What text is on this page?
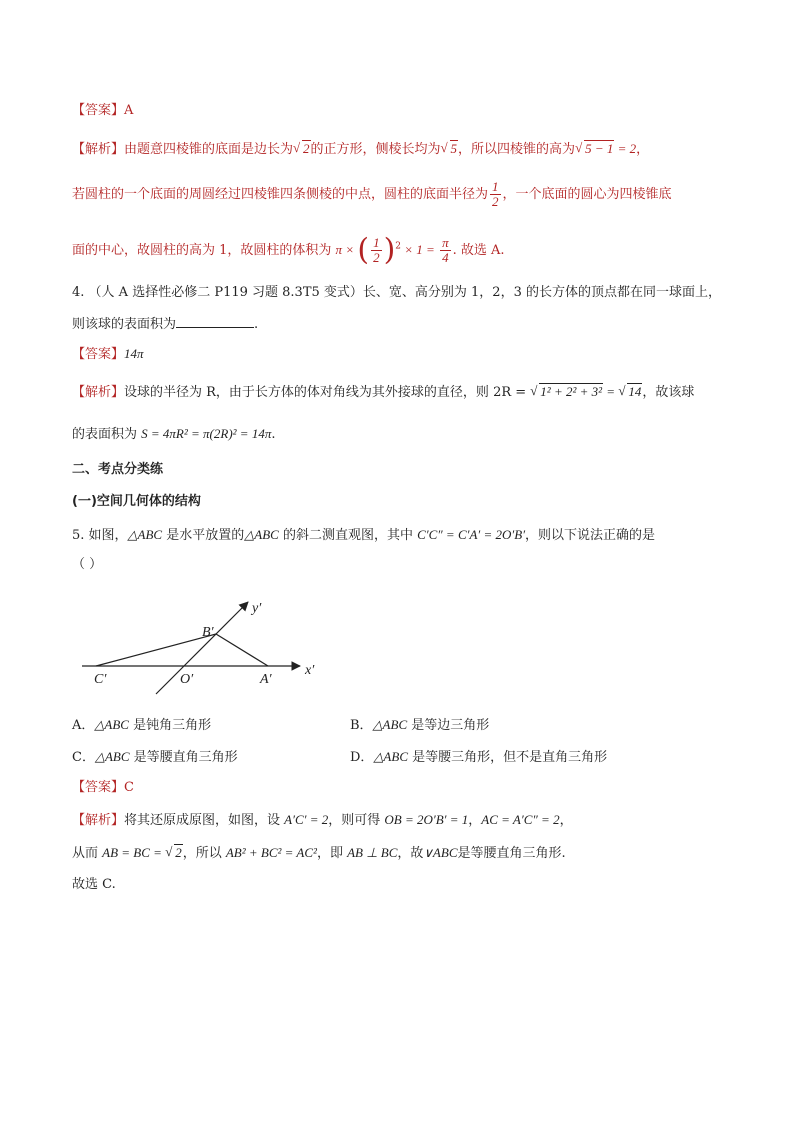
【答案】A
【解析】由题意四棱锥的底面是边长为 √ 2的正方形，侧棱长均为 √ 5，所以四棱锥的高为 √ 5 − 1 = 2，
若圆柱的一个底面的周圆经过四棱锥四条侧棱的中点，圆柱的底面半径为 $\frac{1}{2}$ ，一个底面的圆心为四棱锥底
面的中心，故圆柱的高为 1，故圆柱的体积为 π × ( $\frac{1}{2} )^2 \times 1 = \frac{\pi}{4}$ . 故选 A.
4. （人 A 选择性必修二 P119 习题 8.3T5 变式）长、宽、高分别为 1，2，3 的长方体的顶点都在同一球面上，
则该球的表面积为	.
【答案】14π
【解析】设球的半径为 R，由于长方体的体对角线为其外接球的直径，则 2R = √ 1² + 2² + 3² = √ 14，故该球
的表面积为 S = 4πR² = π(2R)² = 14π.
二、考点分类练
(一)空间几何体的结构
5. 如图，△ABC 是水平放置的△ABC 的斜二测直观图，其中 C′C″ = C′A′ = 2O′B′，则以下说法正确的是
（ ）
y′
x′
B′
C′	O′	A′
A．△ABC 是钝角三角形	B．△ABC 是等边三角形
C．△ABC 是等腰直角三角形	D．△ABC 是等腰三角形，但不是直角三角形
【答案】C
【解析】将其还原成原图，如图，设 A′C′ = 2，则可得 OB = 2O′B′ = 1，AC = A′C″ = 2，
从而 AB = BC = √ 2，所以 AB² + BC² = AC²，即 AB ⊥ BC，故∨ABC是等腰直角三角形.
故选 C.
